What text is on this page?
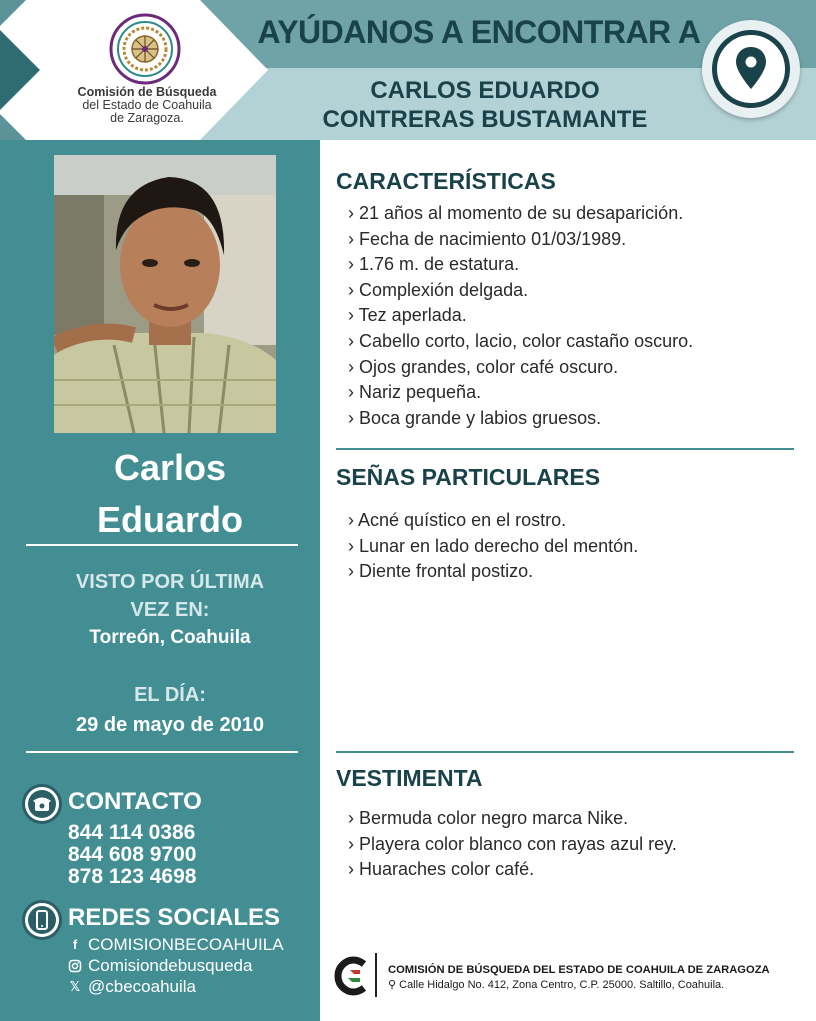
Comisión de Búsqueda
del Estado de Coahuila
de Zaragoza.
AYÚDANOS A ENCONTRAR A
CARLOS EDUARDO
CONTRERAS BUSTAMANTE
Carlos
Eduardo
VISTO POR ÚLTIMA
VEZ EN:
Torreón, Coahuila
EL DÍA:
29 de mayo de 2010
CONTACTO
844 114 0386
844 608 9700
878 123 4698
REDES SOCIALES
f COMISIONBECOAHUILA
Comisiondebusqueda
𝕏 @cbecoahuila
CARACTERÍSTICAS
› 21 años al momento de su desaparición.
› Fecha de nacimiento 01/03/1989.
› 1.76 m. de estatura.
› Complexión delgada.
› Tez aperlada.
› Cabello corto, lacio, color castaño oscuro.
› Ojos grandes, color café oscuro.
› Nariz pequeña.
› Boca grande y labios gruesos.
SEÑAS PARTICULARES
› Acné quístico en el rostro.
› Lunar en lado derecho del mentón.
› Diente frontal postizo.
VESTIMENTA
› Bermuda color negro marca Nike.
› Playera color blanco con rayas azul rey.
› Huaraches color café.
COMISIÓN DE BÚSQUEDA DEL ESTADO DE COAHUILA DE ZARAGOZA
⚲ Calle Hidalgo No. 412, Zona Centro, C.P. 25000. Saltillo, Coahuila.
